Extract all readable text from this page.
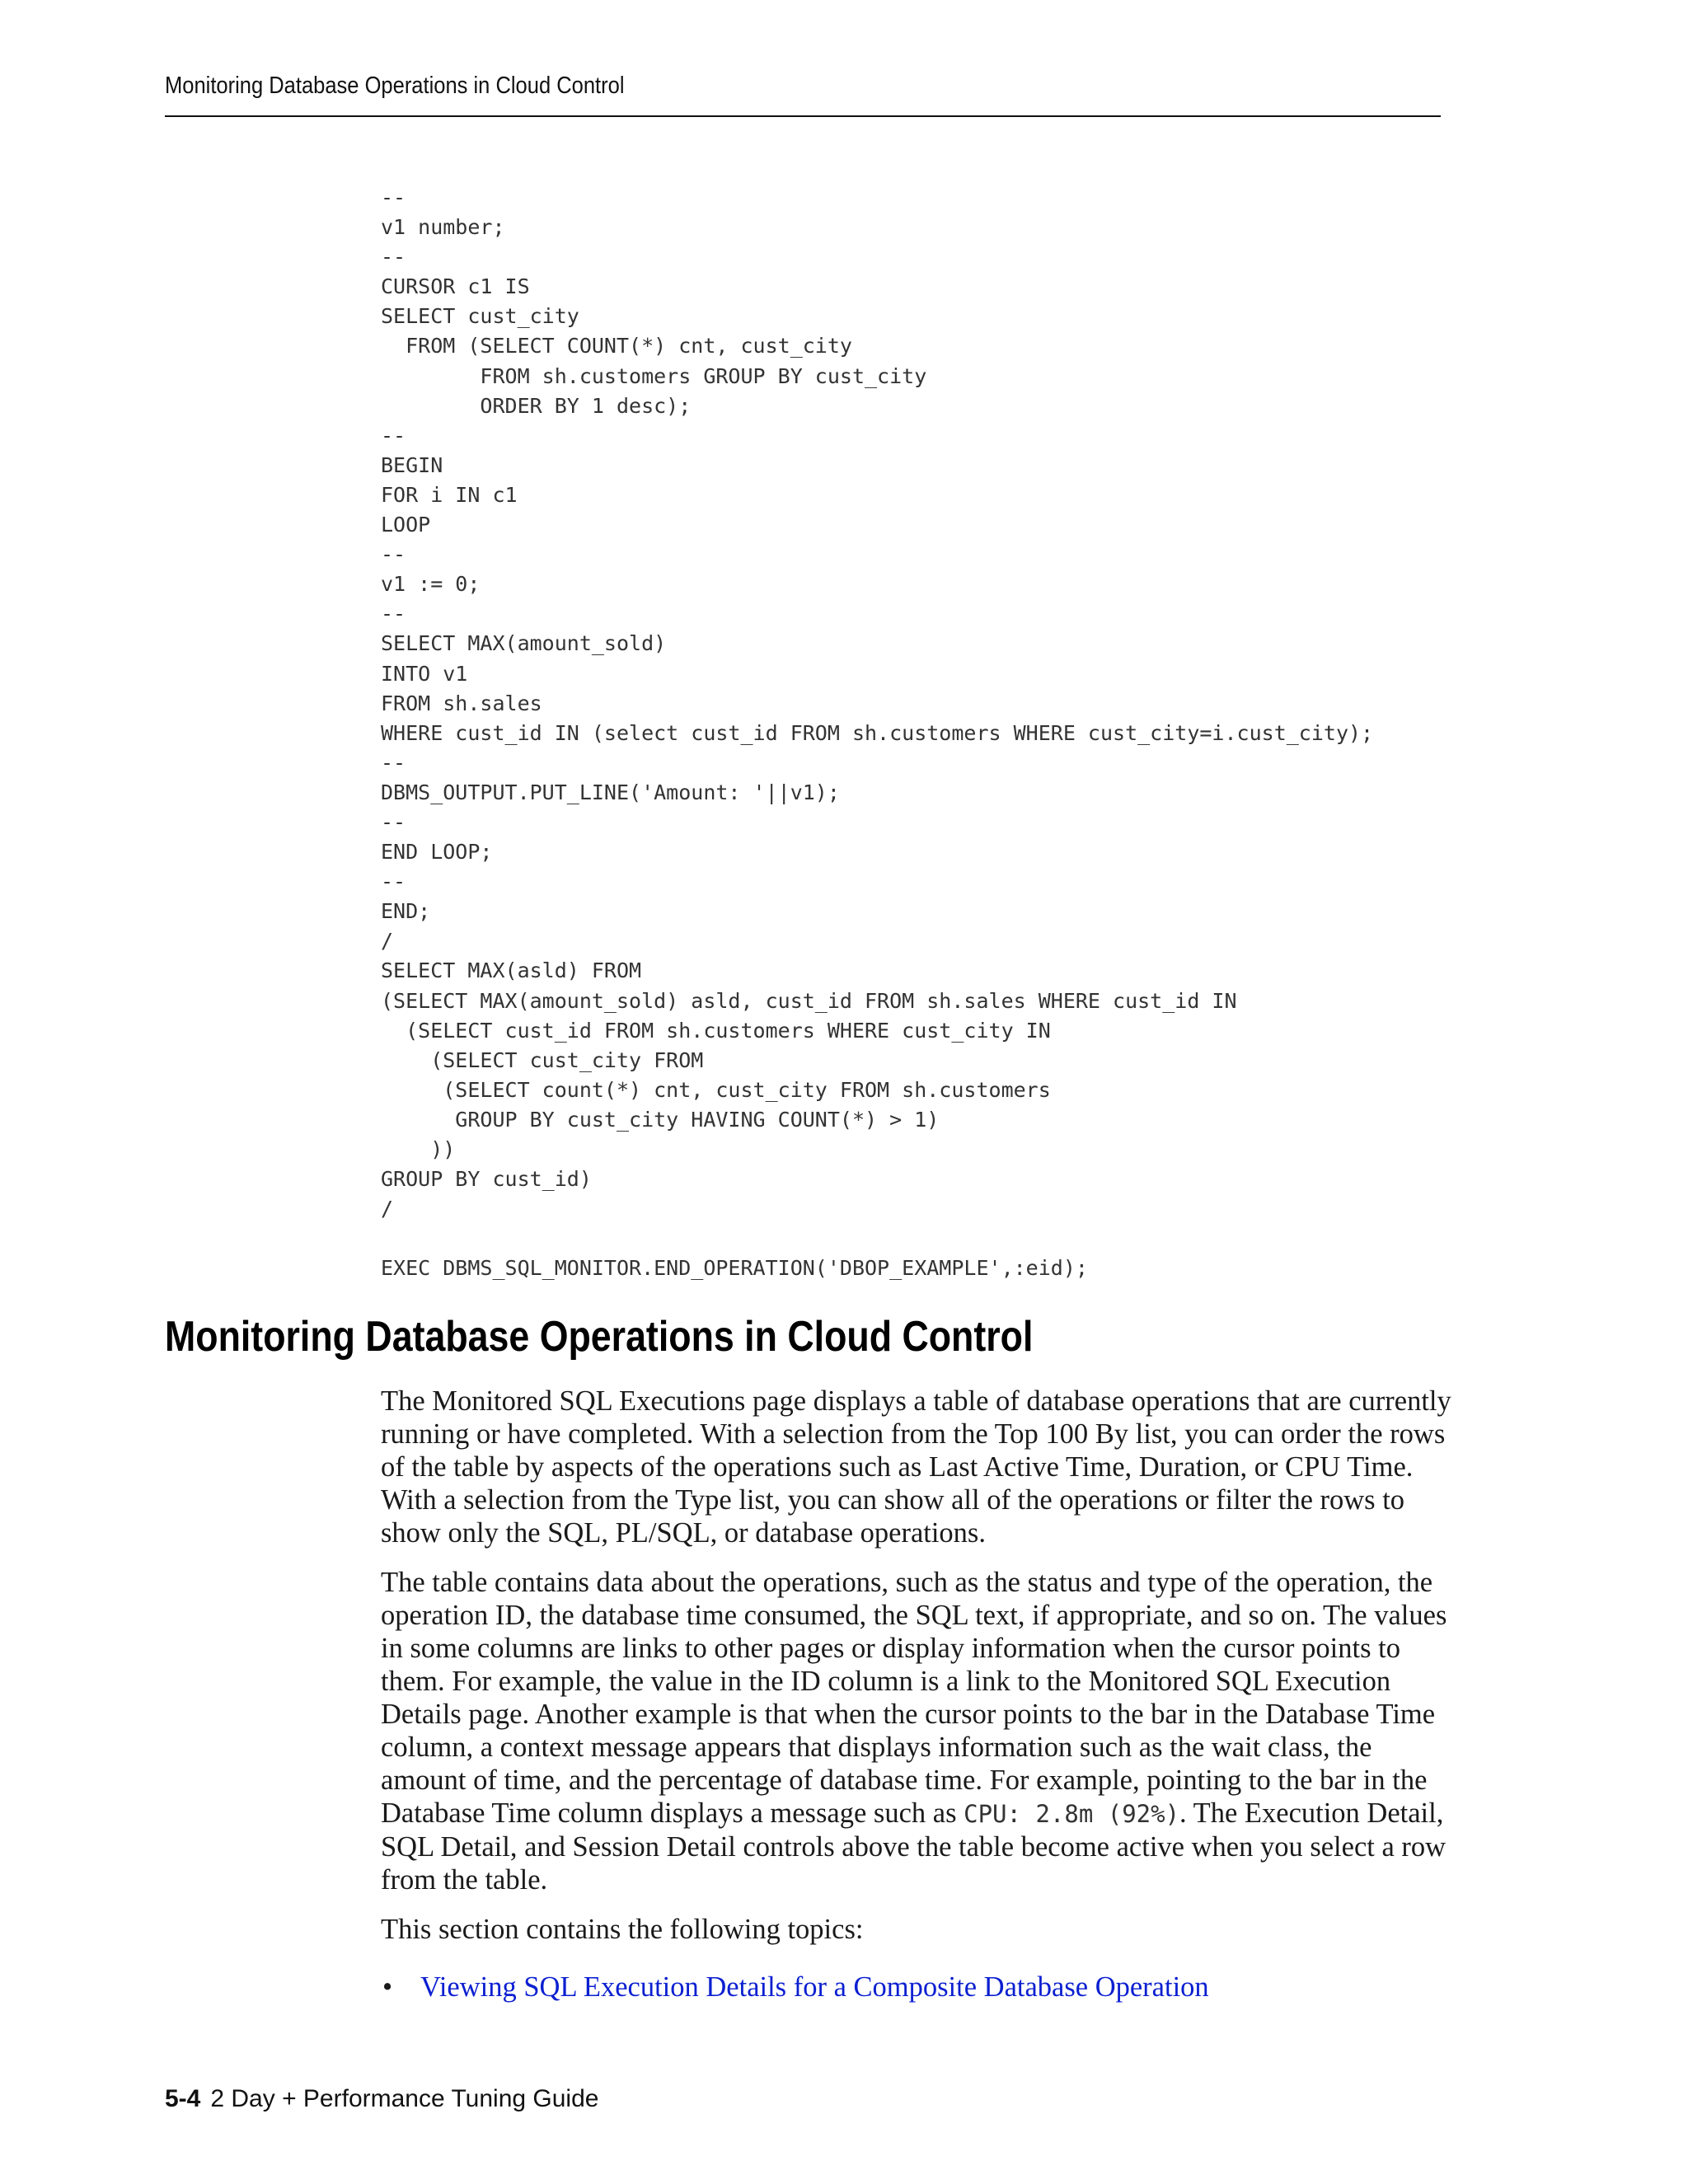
Monitoring Database Operations in Cloud Control
--
v1 number;
--
CURSOR c1 IS
SELECT cust_city
FROM (SELECT COUNT(*) cnt, cust_city
FROM sh.customers GROUP BY cust_city
ORDER BY 1 desc);
--
BEGIN
FOR i IN c1
LOOP
--
v1 := 0;
--
SELECT MAX(amount_sold)
INTO v1
FROM sh.sales
WHERE cust_id IN (select cust_id FROM sh.customers WHERE cust_city=i.cust_city);
--
DBMS_OUTPUT.PUT_LINE('Amount: '||v1);
--
END LOOP;
--
END;
/
SELECT MAX(asld) FROM
(SELECT MAX(amount_sold) asld, cust_id FROM sh.sales WHERE cust_id IN
(SELECT cust_id FROM sh.customers WHERE cust_city IN
(SELECT cust_city FROM
(SELECT count(*) cnt, cust_city FROM sh.customers
GROUP BY cust_city HAVING COUNT(*) > 1)
))
GROUP BY cust_id)
/

EXEC DBMS_SQL_MONITOR.END_OPERATION('DBOP_EXAMPLE',:eid);
Monitoring Database Operations in Cloud Control

The Monitored SQL Executions page displays a table of database operations that are currently running or have completed. With a selection from the Top 100 By list, you can order the rows of the table by aspects of the operations such as Last Active Time, Duration, or CPU Time. With a selection from the Type list, you can show all of the operations or filter the rows to show only the SQL, PL/SQL, or database operations.

The table contains data about the operations, such as the status and type of the operation, the operation ID, the database time consumed, the SQL text, if appropriate, and so on. The values in some columns are links to other pages or display information when the cursor points to them. For example, the value in the ID column is a link to the Monitored SQL Execution Details page. Another example is that when the cursor points to the bar in the Database Time column, a context message appears that displays information such as the wait class, the amount of time, and the percentage of database time. For example, pointing to the bar in the Database Time column displays a message such as CPU: 2.8m (92%). The Execution Detail, SQL Detail, and Session Detail controls above the table become active when you select a row from the table.

This section contains the following topics:

• Viewing SQL Execution Details for a Composite Database Operation
5-4 2 Day + Performance Tuning Guide
